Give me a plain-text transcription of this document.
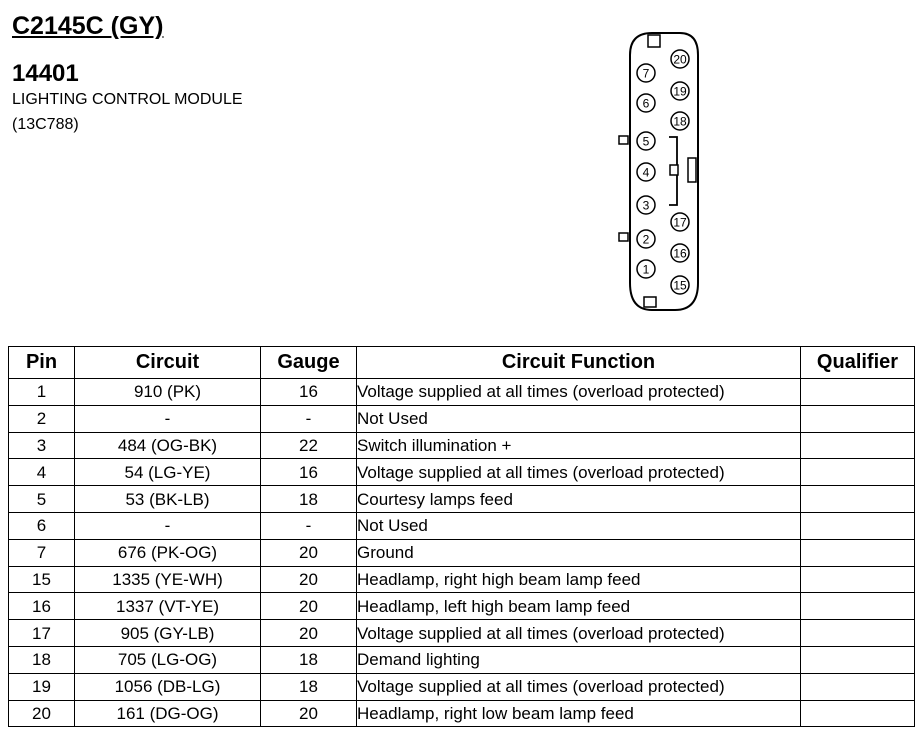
C2145C (GY)
14401
LIGHTING CONTROL MODULE
(13C788)
7
6
5
4
3
2
1
20
19
18
17
16
15
Pin	Circuit	Gauge	Circuit Function	Qualifier
1	910 (PK)	16	Voltage supplied at all times (overload protected)	
2	-	-	Not Used	
3	484 (OG-BK)	22	Switch illumination +	
4	54 (LG-YE)	16	Voltage supplied at all times (overload protected)	
5	53 (BK-LB)	18	Courtesy lamps feed	
6	-	-	Not Used	
7	676 (PK-OG)	20	Ground	
15	1335 (YE-WH)	20	Headlamp, right high beam lamp feed	
16	1337 (VT-YE)	20	Headlamp, left high beam lamp feed	
17	905 (GY-LB)	20	Voltage supplied at all times (overload protected)	
18	705 (LG-OG)	18	Demand lighting	
19	1056 (DB-LG)	18	Voltage supplied at all times (overload protected)	
20	161 (DG-OG)	20	Headlamp, right low beam lamp feed	
